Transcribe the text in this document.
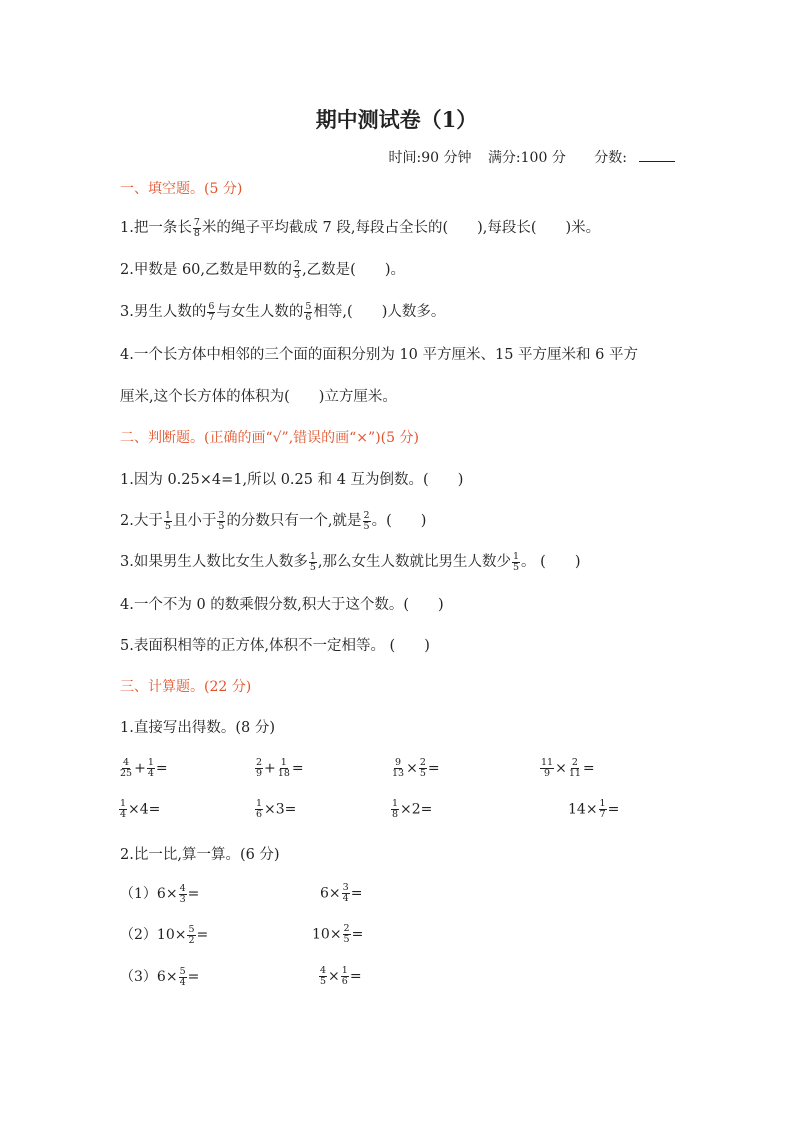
期中测试卷（1）
时间:90 分钟 满分:100 分 分数:
一、填空题。(5 分)
1.把一条长 $\frac{7}{8}$ 米的绳子平均截成 7 段,每段占全长的(　　),每段长(　　)米。
2.甲数是 60,乙数是甲数的 $\frac{2}{3}$ ,乙数是(　　)。
3.男生人数的 $\frac{6}{7}$ 与女生人数的 $\frac{5}{6}$ 相等,(　　)人数多。
4.一个长方体中相邻的三个面的面积分别为 10 平方厘米、15 平方厘米和 6 平方
厘米,这个长方体的体积为(　　)立方厘米。
二、判断题。(正确的画“√”,错误的画“×”)(5 分)
1.因为 0.25×4=1,所以 0.25 和 4 互为倒数。(　　)
2.大于 $\frac{1}{5}$ 且小于 $\frac{3}{5}$ 的分数只有一个,就是 $\frac{2}{5}$ 。(　　)
3.如果男生人数比女生人数多 $\frac{1}{5}$ ,那么女生人数就比男生人数少 $\frac{1}{5}$ 。 (　　)
4.一个不为 0 的数乘假分数,积大于这个数。(　　)
5.表面积相等的正方体,体积不一定相等。 (　　)
三、计算题。(22 分)
1.直接写出得数。(8 分)
$\frac{4}{25} + \frac{1}{4}$ =	$\frac{2}{9} + \frac{1}{18}$ =	$\frac{9}{13} \times \frac{2}{5}$ =	$\frac{11}{9} \times \frac{2}{11}$ =
$\frac{1}{4} \times 4=$	$\frac{1}{6} \times 3=$	$\frac{1}{8} \times 2=$	$14\times \frac{1}{7}$ =
2.比一比,算一算。(6 分)
$(1)6\times \frac{4}{3}$ =	$6\times \frac{3}{4}$ =
$(2)10\times \frac{5}{2}$ =	$10\times \frac{2}{5}$ =
$(3)6\times \frac{5}{4}$ =	$\frac{4}{5} \times \frac{1}{6}$ =
